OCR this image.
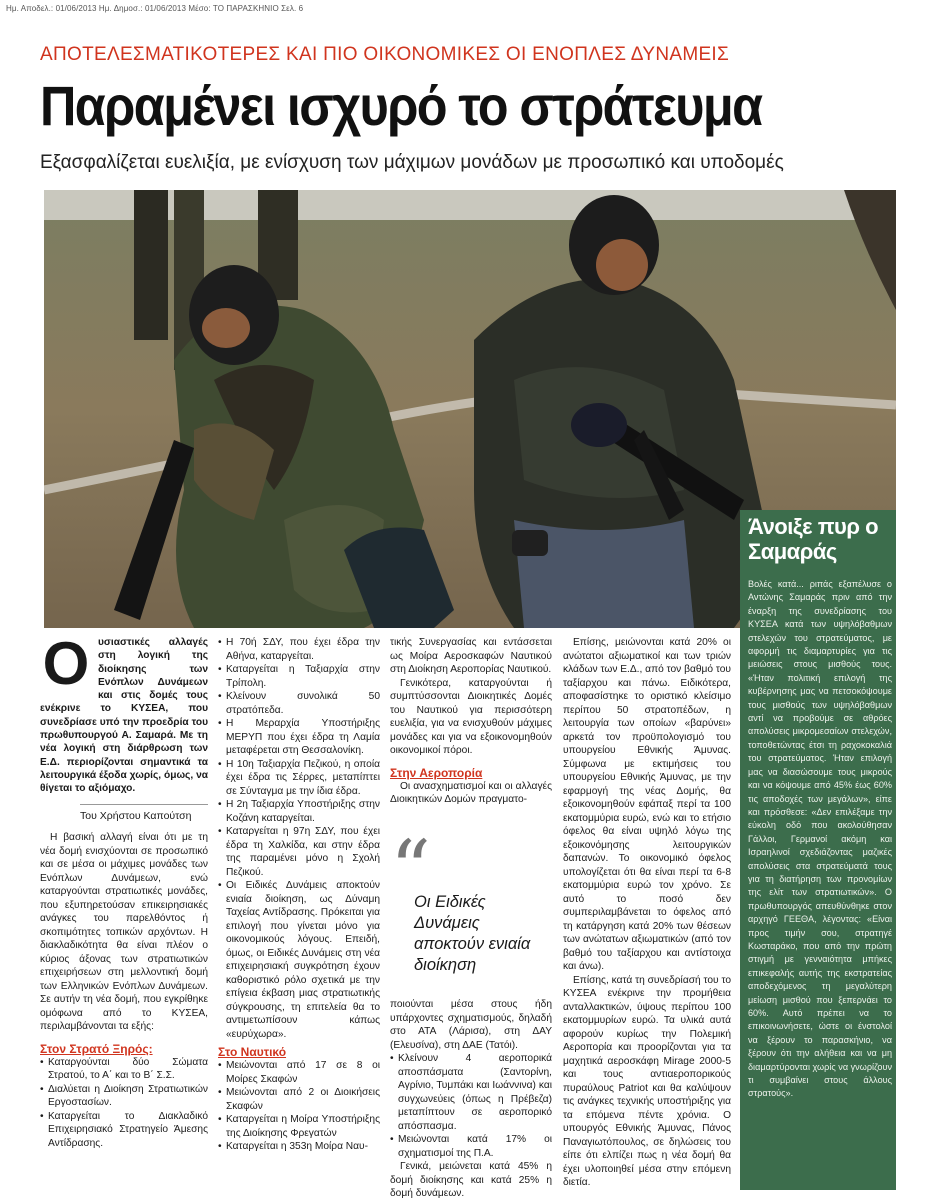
Ημ. Αποδελ.: 01/06/2013 Ημ. Δημοσ.: 01/06/2013 Μέσο: ΤΟ ΠΑΡΑΣΚΗΝΙΟ Σελ. 6
ΑΠΟΤΕΛΕΣΜΑΤΙΚΟΤΕΡΕΣ ΚΑΙ ΠΙΟ ΟΙΚΟΝΟΜΙΚΕΣ ΟΙ ΕΝΟΠΛΕΣ ΔΥΝΑΜΕΙΣ
Παραμένει ισχυρό το στράτευμα
Εξασφαλίζεται ευελιξία, με ενίσχυση των μάχιμων μονάδων με προσωπικό και υποδομές
Άνοιξε πυρ ο Σαμαράς
Βολές κατά... ριπάς εξαπέλυσε ο Αντώνης Σαμαράς πριν από την έναρξη της συνεδρίασης του ΚΥΣΕΑ κατά των υψηλόβαθμων στελεχών του στρατεύματος, με αφορμή τις διαμαρτυρίες για τις μειώσεις στους μισθούς τους. «Ήταν πολιτική επιλογή της κυβέρνησης μας να πετσοκόψουμε τους μισθούς των υψηλόβαθμων αντί να προβούμε σε αθρόες απολύσεις μικρομεσαίων στελεχών, τοποθετώντας έτσι τη ραχοκοκαλιά του στρατεύματος. Ήταν επιλογή μας να διασώσουμε τους μικρούς και να κόψουμε από 45% έως 60% τις αποδοχές των μεγάλων», είπε και πρόσθεσε: «Δεν επιλέξαμε την εύκολη οδό που ακολούθησαν Γάλλοι, Γερμανοί ακόμη και Ισραηλινοί σχεδιάζοντας μαζικές απολύσεις στα στρατεύματά τους για τη διατήρηση των προνομίων της ελίτ των στρατιωτικών». Ο πρωθυπουργός απευθύνθηκε στον αρχηγό ΓΕΕΘΑ, λέγοντας: «Είναι προς τιμήν σου, στρατηγέ Κωσταράκο, που από την πρώτη στιγμή με γενναιότητα μπήκες επικεφαλής αυτής της εκστρατείας αποδεχόμενος τη μεγαλύτερη μείωση μισθού που ξεπερνάει το 60%. Αυτό πρέπει να το επικοινωνήσετε, ώστε οι ένστολοί να ξέρουν το παρασκήνιο, να ξέρουν ότι την αλήθεια και να μη διαμαρτύρονται χωρίς να γνωρίζουν τι συμβαίνει στους άλλους στρατούς».
Ο υσιαστικές αλλαγές στη λογική της διοίκησης των Ενόπλων Δυνάμεων και στις δομές τους ενέκρινε το ΚΥΣΕΑ, που συνεδρίασε υπό την προεδρία του πρωθυπουργού Α. Σαμαρά. Με τη νέα λογική στη διάρθρωση των Ε.Δ. περιορίζονται σημαντικά τα λειτουργικά έξοδα χωρίς, όμως, να θίγεται το αξιόμαχο.
Του Χρήστου Καπούτση

Η βασική αλλαγή είναι ότι με τη νέα δομή ενισχύονται σε προσωπικό και σε μέσα οι μάχιμες μονάδες των Ενόπλων Δυνάμεων, ενώ καταργούνται στρατιωτικές μονάδες, που εξυπηρετούσαν επικειρησιακές ανάγκες του παρελθόντος ή σκοπιμότητες τοπικών αρχόντων. Η διακλαδικότητα θα είναι πλέον ο κύριος άξονας των στρατιωτικών επιχειρήσεων στη μελλοντική δομή των Ελληνικών Ενόπλων Δυνάμεων. Σε αυτήν τη νέα δομή, που εγκρίθηκε ομόφωνα από το ΚΥΣΕΑ, περιλαμβάνονται τα εξής:

Στον Στρατό Ξηρός:
• Καταργούνται δύο Σώματα Στρατού, το Α΄ και το Β΄ Σ.Σ.
• Διαλύεται η Διοίκηση Στρατιωτικών Εργοστασίων.
• Καταργείται το Διακλαδικό Επιχειρησιακό Στρατηγείο Άμεσης Αντίδρασης.
• Η 70ή ΣΔΥ, που έχει έδρα την Αθήνα, καταργείται.
• Καταργείται η Ταξιαρχία στην Τρίπολη.
• Κλείνουν συνολικά 50 στρατόπεδα.
• Η Μεραρχία Υποστήριξης ΜΕΡΥΠ που έχει έδρα τη Λαμία μεταφέρεται στη Θεσσαλονίκη.
• Η 10η Ταξιαρχία Πεζικού, η οποία έχει έδρα τις Σέρρες, μεταπίπτει σε Σύνταγμα με την ίδια έδρα.
• Η 2η Ταξιαρχία Υποστήριξης στην Κοζάνη καταργείται.
• Καταργείται η 97η ΣΔΥ, που έχει έδρα τη Χαλκίδα, και στην έδρα της παραμένει μόνο η Σχολή Πεζικού.
• Οι Ειδικές Δυνάμεις αποκτούν ενιαία διοίκηση, ως Δύναμη Ταχείας Αντίδρασης. Πρόκειται για επιλογή που γίνεται μόνο για οικονομικούς λόγους. Επειδή, όμως, οι Ειδικές Δυνάμεις στη νέα επιχειρησιακή συγκρότηση έχουν καθοριστικό ρόλο σχετικά με την επίγεια έκβαση μιας στρατιωτικής σύγκρουσης, τη επιτελεία θα το αντιμετωπίσουν κάπως «ευρύχωρα».
Στο Ναυτικό
• Μειώνονται από 17 σε 8 οι Μοίρες Σκαφών
• Μειώνονται από 2 οι Διοικήσεις Σκαφών
• Καταργείται η Μοίρα Υποστήριξης της Διοίκησης Φρεγατών
• Καταργείται η 353η Μοίρα Ναυ-

τικής Συνεργασίας και εντάσσεται ως Μοίρα Αεροσκαφών Ναυτικού στη Διοίκηση Αεροπορίας Ναυτικού.

Γενικότερα, καταργούνται ή συμπτύσσονται Διοικητικές Δομές του Ναυτικού για περισσότερη ευελιξία, για να ενισχυθούν μάχιμες μονάδες και για να εξοικονομηθούν οικονομικοί πόροι.

Στην Αεροπορία

Οι ανασχηματισμοί και οι αλλαγές Διοικητικών Δομών πραγματο-

“
Οι Ειδικές Δυνάμεις αποκτούν ενιαία διοίκηση

ποιούνται μέσα στους ήδη υπάρχοντες σχηματισμούς, δηλαδή στο ΑΤΑ (Λάρισα), στη ΔΑΥ (Ελευσίνα), στη ΔΑΕ (Τατόι).

• Κλείνουν 4 αεροπορικά αποσπάσματα (Σαντορίνη, Αγρίνιο, Τυμπάκι και Ιωάννινα) και συγχωνεύεις (όπως η Πρέβεζα) μεταπίπτουν σε αεροπορικό απόσπασμα.
• Μειώνονται κατά 17% οι σχηματισμοί της Π.Α.

Γενικά, μειώνεται κατά 45% η δομή διοίκησης και κατά 25% η δομή δυνάμεων.

Επίσης, μειώνονται κατά 20% οι ανώτατοι αξιωματικοί και των τριών κλάδων των Ε.Δ., από τον βαθμό του ταξίαρχου και πάνω. Ειδικότερα, αποφασίστηκε το οριστικό κλείσιμο περίπου 50 στρατοπέδων, η λειτουργία των οποίων «βαρύνει» αρκετά τον προϋπολογισμό του υπουργείου Εθνικής Άμυνας. Σύμφωνα με εκτιμήσεις του υπουργείου Εθνικής Άμυνας, με την εφαρμογή της νέας Δομής, θα εξοικονομηθούν εφάπαξ περί τα 100 εκατομμύρια ευρώ, ενώ και το ετήσιο όφελος θα είναι υψηλό λόγω της εξοικονόμησης λειτουργικών δαπανών. Το οικονομικό όφελος υπολογίζεται ότι θα είναι περί τα 6-8 εκατομμύρια ευρώ τον χρόνο. Σε αυτό το ποσό δεν συμπεριλαμβάνεται το όφελος από τη κατάργηση κατά 20% των θέσεων των ανώτατων αξιωματικών (από τον βαθμό του ταξίαρχου και αντίστοιχα και άνω).

Επίσης, κατά τη συνεδρίασή του το ΚΥΣΕΑ ενέκρινε την προμήθεια ανταλλακτικών, ύψους περίπου 100 εκατομμυρίων ευρώ. Τα υλικά αυτά αφορούν κυρίως την Πολεμική Αεροπορία και προορίζονται για τα μαχητικά αεροσκάφη Mirage 2000-5 και τους αντιαεροπορικούς πυραύλους Patriot και θα καλύψουν τις ανάγκες τεχνικής υποστήριξης για τα επόμενα πέντε χρόνια. Ο υπουργός Εθνικής Άμυνας, Πάνος Παναγιωτόπουλος, σε δηλώσεις του είπε ότι ελπίζει πως η νέα δομή θα έχει υλοποιηθεί μέσα στην επόμενη διετία.
